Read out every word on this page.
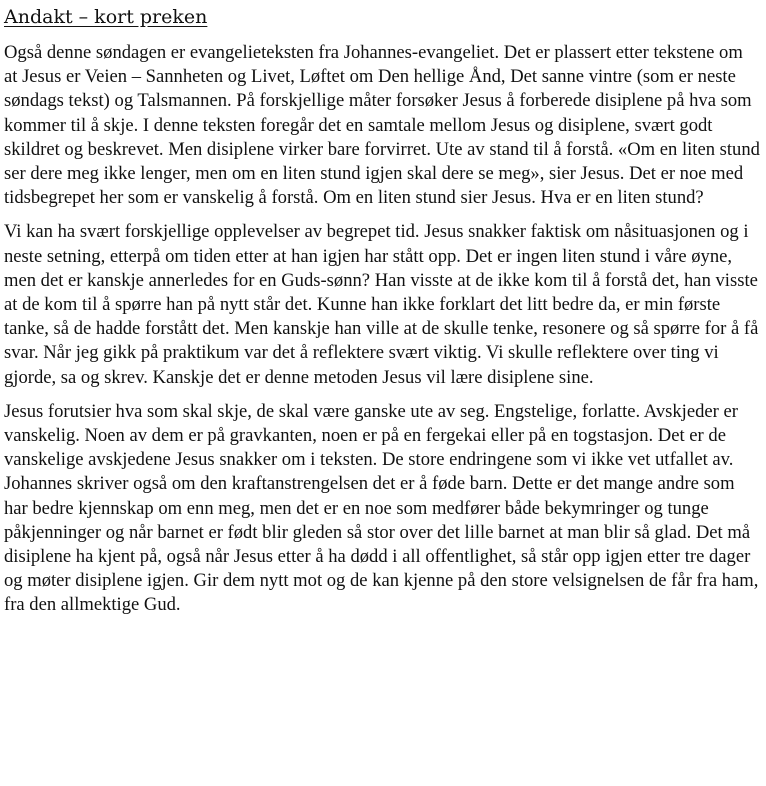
Andakt – kort preken

Også denne søndagen er evangelieteksten fra Johannes-evangeliet. Det er plassert etter tekstene om at Jesus er Veien – Sannheten og Livet, Løftet om Den hellige Ånd, Det sanne vintre (som er neste søndags tekst) og Talsmannen. På forskjellige måter forsøker Jesus å forberede disiplene på hva som kommer til å skje. I denne teksten foregår det en samtale mellom Jesus og disiplene, svært godt skildret og beskrevet. Men disiplene virker bare forvirret. Ute av stand til å forstå. «Om en liten stund ser dere meg ikke lenger, men om en liten stund igjen skal dere se meg», sier Jesus. Det er noe med tidsbegrepet her som er vanskelig å forstå. Om en liten stund sier Jesus. Hva er en liten stund?

Vi kan ha svært forskjellige opplevelser av begrepet tid. Jesus snakker faktisk om nåsituasjonen og i neste setning, etterpå om tiden etter at han igjen har stått opp. Det er ingen liten stund i våre øyne, men det er kanskje annerledes for en Guds-sønn? Han visste at de ikke kom til å forstå det, han visste at de kom til å spørre han på nytt står det. Kunne han ikke forklart det litt bedre da, er min første tanke, så de hadde forstått det. Men kanskje han ville at de skulle tenke, resonere og så spørre for å få svar. Når jeg gikk på praktikum var det å reflektere svært viktig. Vi skulle reflektere over ting vi gjorde, sa og skrev. Kanskje det er denne metoden Jesus vil lære disiplene sine.

Jesus forutsier hva som skal skje, de skal være ganske ute av seg. Engstelige, forlatte. Avskjeder er vanskelig. Noen av dem er på gravkanten, noen er på en fergekai eller på en togstasjon. Det er de vanskelige avskjedene Jesus snakker om i teksten. De store endringene som vi ikke vet utfallet av. Johannes skriver også om den kraftanstrengelsen det er å føde barn. Dette er det mange andre som har bedre kjennskap om enn meg, men det er en noe som medfører både bekymringer og tunge påkjenninger og når barnet er født blir gleden så stor over det lille barnet at man blir så glad. Det må disiplene ha kjent på, også når Jesus etter å ha dødd i all offentlighet, så står opp igjen etter tre dager og møter disiplene igjen. Gir dem nytt mot og de kan kjenne på den store velsignelsen de får fra ham, fra den allmektige Gud.
